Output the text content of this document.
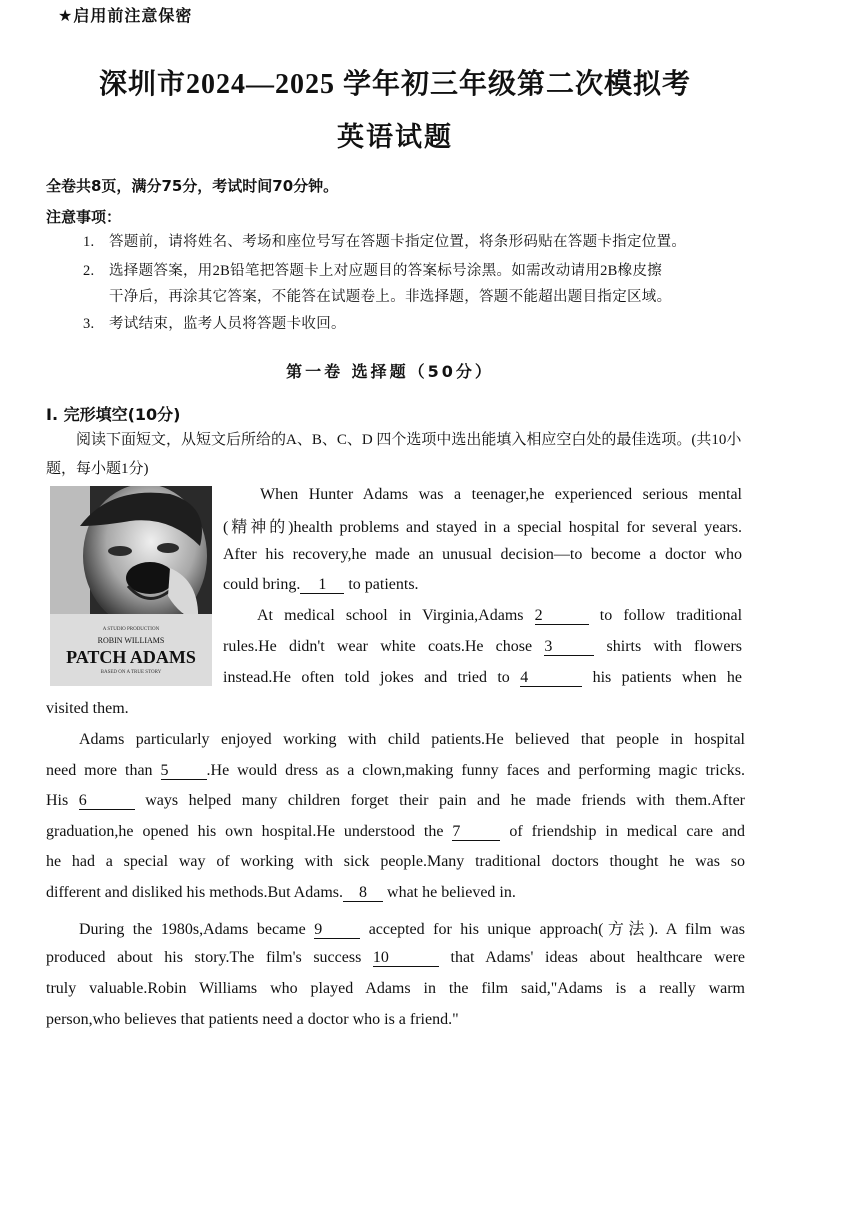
★启用前注意保密
深圳市2024—2025 学年初三年级第二次模拟考
英语试题
全卷共8页，满分75分，考试时间70分钟。
注意事项：
1. 答题前，请将姓名、考场和座位号写在答题卡指定位置，将条形码贴在答题卡指定位置。
2. 选择题答案，用2B铅笔把答题卡上对应题目的答案标号涂黑。如需改动请用2B橡皮擦
干净后，再涂其它答案，不能答在试题卷上。非选择题，答题不能超出题目指定区域。
3. 考试结束，监考人员将答题卡收回。
第一卷 选择题（50分）
I. 完形填空(10分)
阅读下面短文，从短文后所给的A、B、C、D 四个选项中选出能填入相应空白处的最佳选项。(共10小题，每小题1分)
A STUDIO PRODUCTION
ROBIN WILLIAMS
PATCH ADAMS
BASED ON A TRUE STORY
When Hunter Adams was a teenager,he experienced serious mental
(精神的)health problems and stayed in a special hospital for several years.
After his recovery,he made an unusual decision—to become a doctor who
could bring. 1 to patients.
At medical school in Virginia,Adams 2	to follow traditional
rules.He didn't wear white coats.He chose 3	shirts with flowers
instead.He often told jokes and tried to 4	his patients when he
visited them.
Adams particularly enjoyed working with child patients.He believed that people in hospital
need more than 5 .He would dress as a clown,making funny faces and performing magic tricks.
His 6	ways helped many children forget their pain and he made friends with them.After
graduation,he opened his own hospital.He understood the 7	of friendship in medical care and
he had a special way of working with sick people.Many traditional doctors thought he was so
different and disliked his methods.But Adams. 8 what he believed in.
During the 1980s,Adams became 9	accepted for his unique approach(方法). A film was
produced about his story.The film's success 10	that Adams' ideas about healthcare were
truly valuable.Robin Williams who played Adams in the film said,"Adams is a really warm
person,who believes that patients need a doctor who is a friend."
